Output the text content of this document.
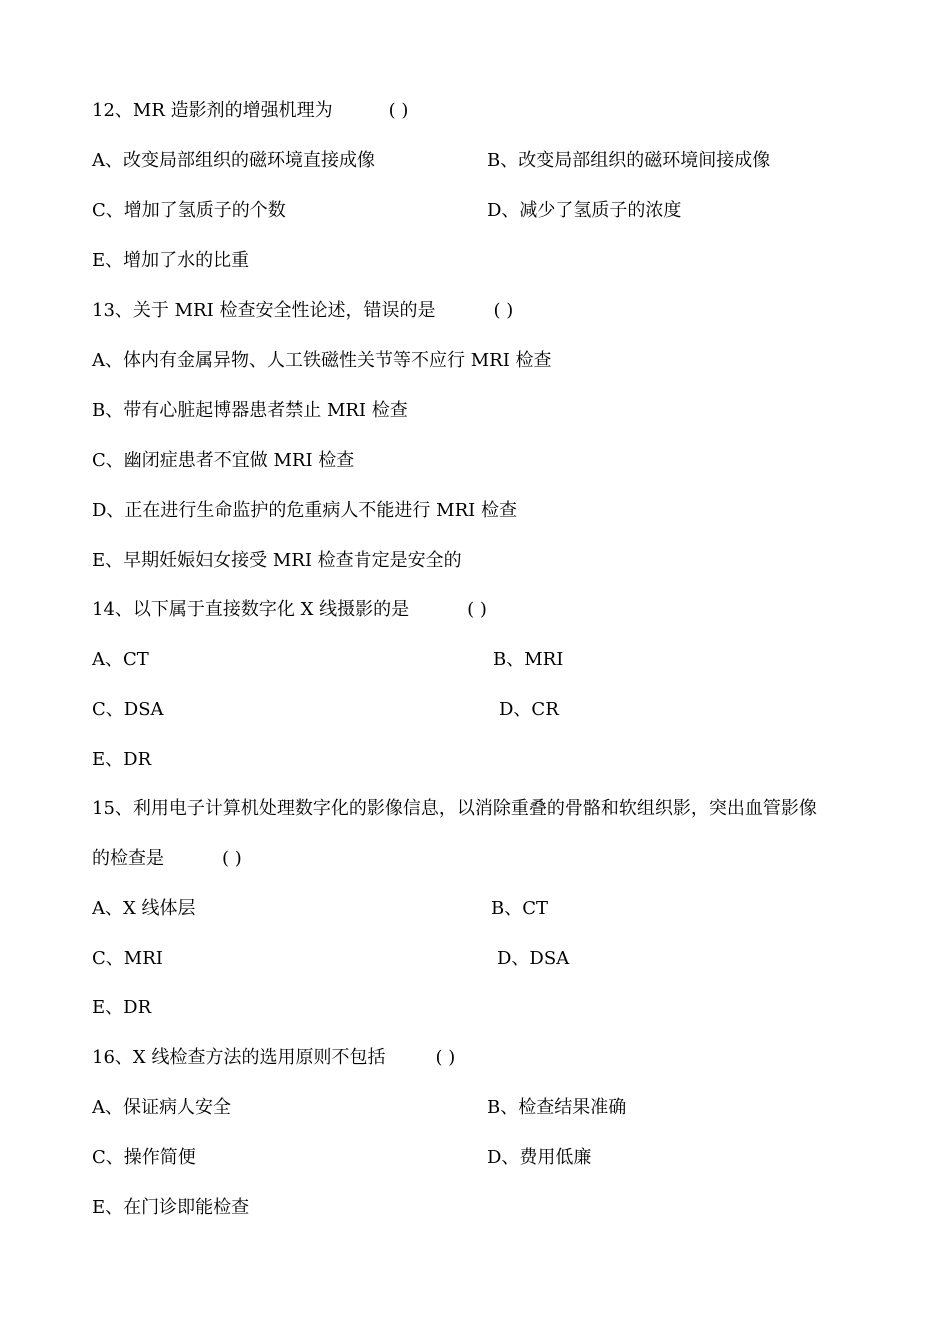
12、MR 造影剂的增强机理为	( )
A、改变局部组织的磁环境直接成像	B、改变局部组织的磁环境间接成像
C、增加了氢质子的个数	D、减少了氢质子的浓度
E、增加了水的比重
13、关于 MRI 检查安全性论述，错误的是	( )
A、体内有金属异物、人工铁磁性关节等不应行 MRI 检查
B、带有心脏起博器患者禁止 MRI 检查
C、幽闭症患者不宜做 MRI 检查
D、正在进行生命监护的危重病人不能进行 MRI 检查
E、早期妊娠妇女接受 MRI 检查肯定是安全的
14、以下属于直接数字化 X 线摄影的是	( )
A、CT	B、MRI
C、DSA	D、CR
E、DR
15、利用电子计算机处理数字化的影像信息，以消除重叠的骨骼和软组织影，突出血管影像
的检查是	( )
A、X 线体层	B、CT
C、MRI	D、DSA
E、DR
16、X 线检查方法的选用原则不包括	( )
A、保证病人安全	B、检查结果准确
C、操作简便	D、费用低廉
E、在门诊即能检查
